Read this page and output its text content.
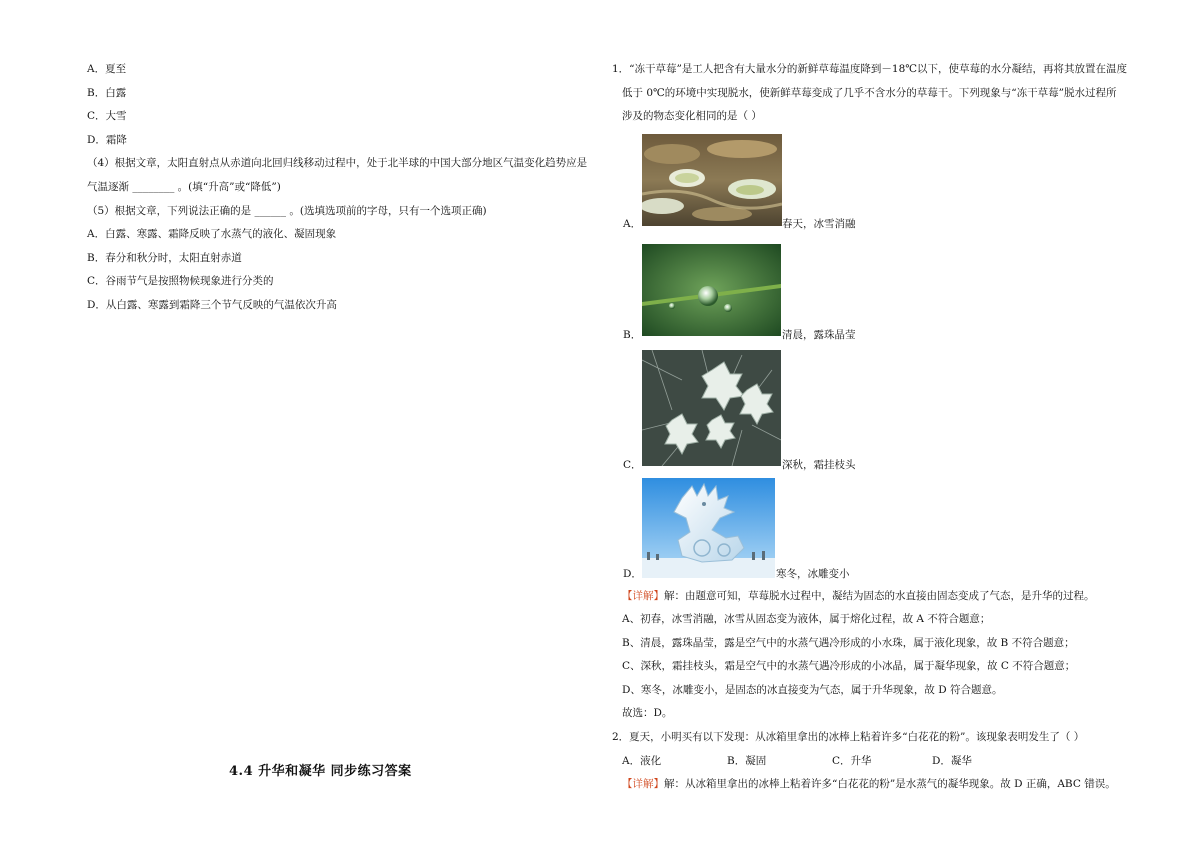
A．夏至
B．白露
C．大雪
D．霜降
（4）根据文章，太阳直射点从赤道向北回归线移动过程中，处于北半球的中国大部分地区气温变化趋势应是
气温逐渐 ________ 。(填“升高”或“降低”)
（5）根据文章，下列说法正确的是 ______ 。(选填选项前的字母，只有一个选项正确)
A．白露、寒露、霜降反映了水蒸气的液化、凝固现象
B．春分和秋分时，太阳直射赤道
C．谷雨节气是按照物候现象进行分类的
D．从白露、寒露到霜降三个节气反映的气温依次升高
4.4 升华和凝华 同步练习答案
1．“冻干草莓”是工人把含有大量水分的新鲜草莓温度降到－18℃以下，使草莓的水分凝结，再将其放置在温度
低于 0℃的环境中实现脱水，使新鲜草莓变成了几乎不含水分的草莓干。下列现象与“冻干草莓”脱水过程所
涉及的物态变化相同的是（ ）
A．	春天，冰雪消融
B．	清晨，露珠晶莹
C．	深秋，霜挂枝头
D．	寒冬，冰雕变小
【详解】解：由题意可知，草莓脱水过程中，凝结为固态的水直接由固态变成了气态，是升华的过程。
A、初春，冰雪消融，冰雪从固态变为液体，属于熔化过程，故 A 不符合题意；
B、清晨，露珠晶莹，露是空气中的水蒸气遇冷形成的小水珠，属于液化现象，故 B 不符合题意；
C、深秋，霜挂枝头，霜是空气中的水蒸气遇冷形成的小冰晶，属于凝华现象，故 C 不符合题意；
D、寒冬，冰雕变小，是固态的冰直接变为气态，属于升华现象，故 D 符合题意。
故选：D。
2．夏天，小明买有以下发现：从冰箱里拿出的冰棒上粘着许多“白花花的粉”。该现象表明发生了（ ）
A．液化	B．凝固	C．升华	D．凝华
【详解】解：从冰箱里拿出的冰棒上粘着许多“白花花的粉”是水蒸气的凝华现象。故 D 正确，ABC 错误。
